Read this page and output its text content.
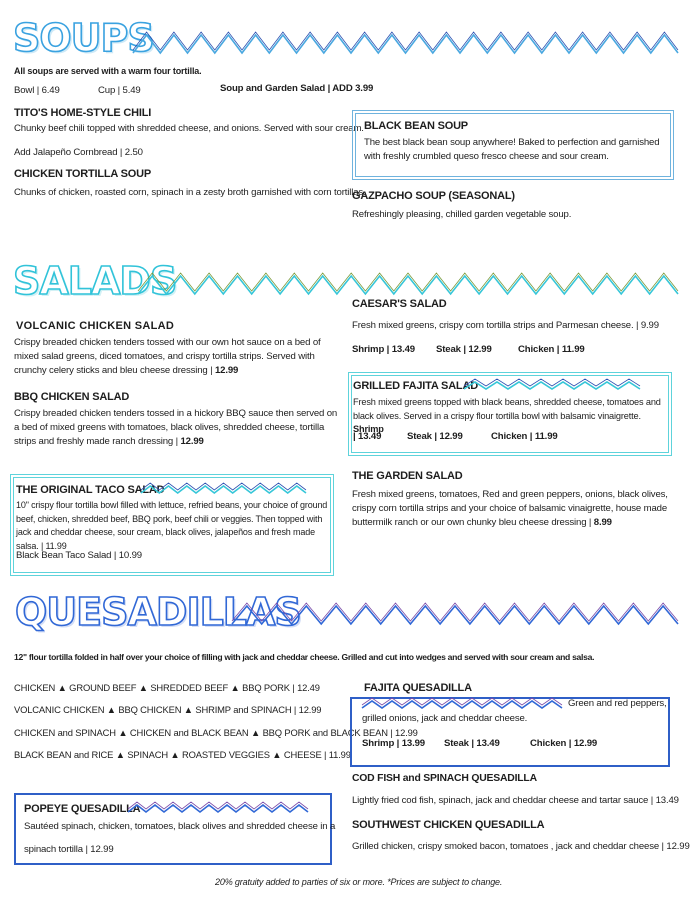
SOUPS
All soups are served with a warm four tortilla.
Bowl | 6.49	Cup | 5.49	Soup and Garden Salad | ADD 3.99
TITO'S HOME-STYLE CHILI
Chunky beef chili topped with shredded cheese, and onions. Served with sour cream.
Add Jalapeño Cornbread | 2.50
CHICKEN TORTILLA SOUP
Chunks of chicken, roasted corn, spinach in a zesty broth garnished with corn tortillas.
BLACK BEAN SOUP
The best black bean soup anywhere! Baked to perfection and garnished with freshly crumbled queso fresco cheese and sour cream.
GAZPACHO SOUP (SEASONAL)
Refreshingly pleasing, chilled garden vegetable soup.
SALADS
VOLCANIC CHICKEN SALAD
Crispy breaded chicken tenders tossed with our own hot sauce on a bed of mixed salad greens, diced tomatoes, and crispy tortilla strips. Served with crunchy celery sticks and bleu cheese dressing | 12.99
BBQ CHICKEN SALAD
Crispy breaded chicken tenders tossed in a hickory BBQ sauce then served on a bed of mixed greens with tomatoes, black olives, shredded cheese, tortilla strips and freshly made ranch dressing | 12.99
THE ORIGINAL TACO SALAD
10" crispy flour tortilla bowl filled with lettuce, refried beans, your choice of ground beef, chicken, shredded beef, BBQ pork, beef chili or veggies. Then topped with jack and cheddar cheese, sour cream, black olives, jalapeños and fresh made salsa. | 11.99
Black Bean Taco Salad | 10.99
CAESAR'S SALAD
Fresh mixed greens, crispy corn tortilla strips and Parmesan cheese. | 9.99
Shrimp | 13.49 Steak | 12.99	Chicken | 11.99
GRILLED FAJITA SALAD
Fresh mixed greens topped with black beans, shredded cheese, tomatoes and black olives. Served in a crispy flour tortilla bowl with balsamic vinaigrette. Shrimp
| 13.49	Steak | 12.99	Chicken | 11.99
THE GARDEN SALAD
Fresh mixed greens, tomatoes, Red and green peppers, onions, black olives, crispy corn tortilla strips and your choice of balsamic vinaigrette, house made buttermilk ranch or our own chunky bleu cheese dressing | 8.99
QUESADILLAS
12" flour tortilla folded in half over your choice of filling with jack and cheddar cheese. Grilled and cut into wedges and served with sour cream and salsa.
CHICKEN ▲ GROUND BEEF ▲ SHREDDED BEEF ▲ BBQ PORK | 12.49
VOLCANIC CHICKEN ▲ BBQ CHICKEN ▲ SHRIMP and SPINACH | 12.99
CHICKEN and SPINACH ▲ CHICKEN and BLACK BEAN ▲ BBQ PORK and BLACK BEAN | 12.99
BLACK BEAN and RICE ▲ SPINACH ▲ ROASTED VEGGIES ▲ CHEESE | 11.99
POPEYE QUESADILLA
Sautéed spinach, chicken, tomatoes, black olives and shredded cheese in a
spinach tortilla | 12.99
FAJITA QUESADILLA
Green and red peppers,
grilled onions, jack and cheddar cheese.
Shrimp | 13.99 Steak | 13.49	Chicken | 12.99
COD FISH and SPINACH QUESADILLA
Lightly fried cod fish, spinach, jack and cheddar cheese and tartar sauce | 13.49
SOUTHWEST CHICKEN QUESADILLA
Grilled chicken, crispy smoked bacon, tomatoes , jack and cheddar cheese | 12.99
20% gratuity added to parties of six or more. *Prices are subject to change.
